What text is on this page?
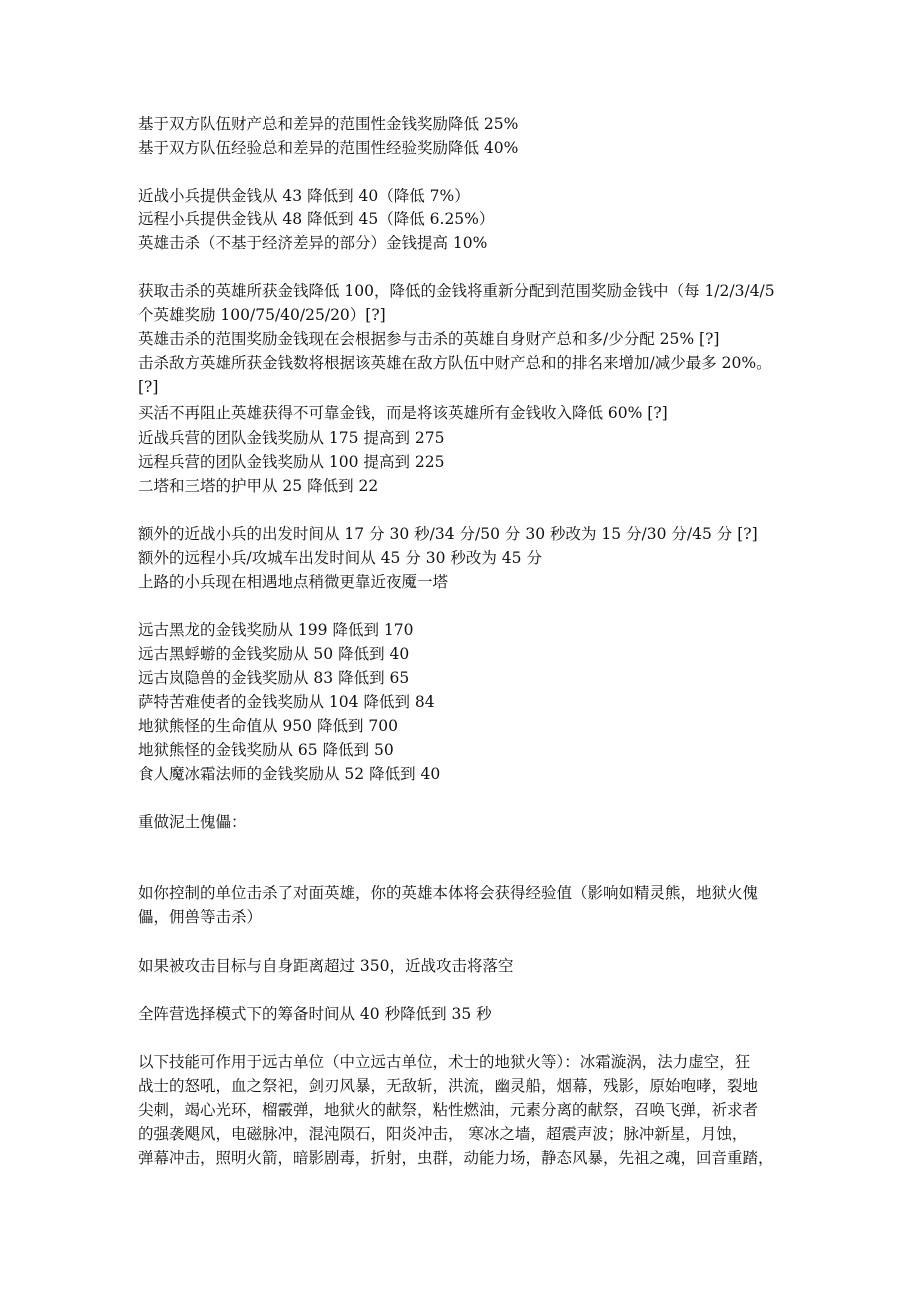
基于双方队伍财产总和差异的范围性金钱奖励降低 25%
基于双方队伍经验总和差异的范围性经验奖励降低 40%
近战小兵提供金钱从 43 降低到 40（降低 7%）
远程小兵提供金钱从 48 降低到 45（降低 6.25%）
英雄击杀（不基于经济差异的部分）金钱提高 10%
获取击杀的英雄所获金钱降低 100，降低的金钱将重新分配到范围奖励金钱中（每 1/2/3/4/5
个英雄奖励 100/75/40/25/20）[?]
英雄击杀的范围奖励金钱现在会根据参与击杀的英雄自身财产总和多/少分配 25% [?]
击杀敌方英雄所获金钱数将根据该英雄在敌方队伍中财产总和的排名来增加/减少最多 20%。
[?]
买活不再阻止英雄获得不可靠金钱，而是将该英雄所有金钱收入降低 60% [?]
近战兵营的团队金钱奖励从 175 提高到 275
远程兵营的团队金钱奖励从 100 提高到 225
二塔和三塔的护甲从 25 降低到 22
额外的近战小兵的出发时间从 17 分 30 秒/34 分/50 分 30 秒改为 15 分/30 分/45 分 [?]
额外的远程小兵/攻城车出发时间从 45 分 30 秒改为 45 分
上路的小兵现在相遇地点稍微更靠近夜魇一塔
远古黑龙的金钱奖励从 199 降低到 170
远古黑蜉蝣的金钱奖励从 50 降低到 40
远古岚隐兽的金钱奖励从 83 降低到 65
萨特苦难使者的金钱奖励从 104 降低到 84
地狱熊怪的生命值从 950 降低到 700
地狱熊怪的金钱奖励从 65 降低到 50
食人魔冰霜法师的金钱奖励从 52 降低到 40
重做泥土傀儡：
如你控制的单位击杀了对面英雄，你的英雄本体将会获得经验值（影响如精灵熊，地狱火傀
儡，佣兽等击杀）
如果被攻击目标与自身距离超过 350，近战攻击将落空
全阵营选择模式下的筹备时间从 40 秒降低到 35 秒
以下技能可作用于远古单位（中立远古单位，术士的地狱火等）：冰霜漩涡，法力虚空，狂
战士的怒吼，血之祭祀，剑刃风暴，无敌斩，洪流，幽灵船，烟幕，残影，原始咆哮，裂地
尖刺，竭心光环，榴霰弹，地狱火的献祭，粘性燃油，元素分离的献祭，召唤飞弹，祈求者
的强袭飓风，电磁脉冲，混沌陨石，阳炎冲击， 寒冰之墙，超震声波；脉冲新星，月蚀，
弹幕冲击，照明火箭，暗影剧毒，折射，虫群，动能力场，静态风暴，先祖之魂，回音重踏，
